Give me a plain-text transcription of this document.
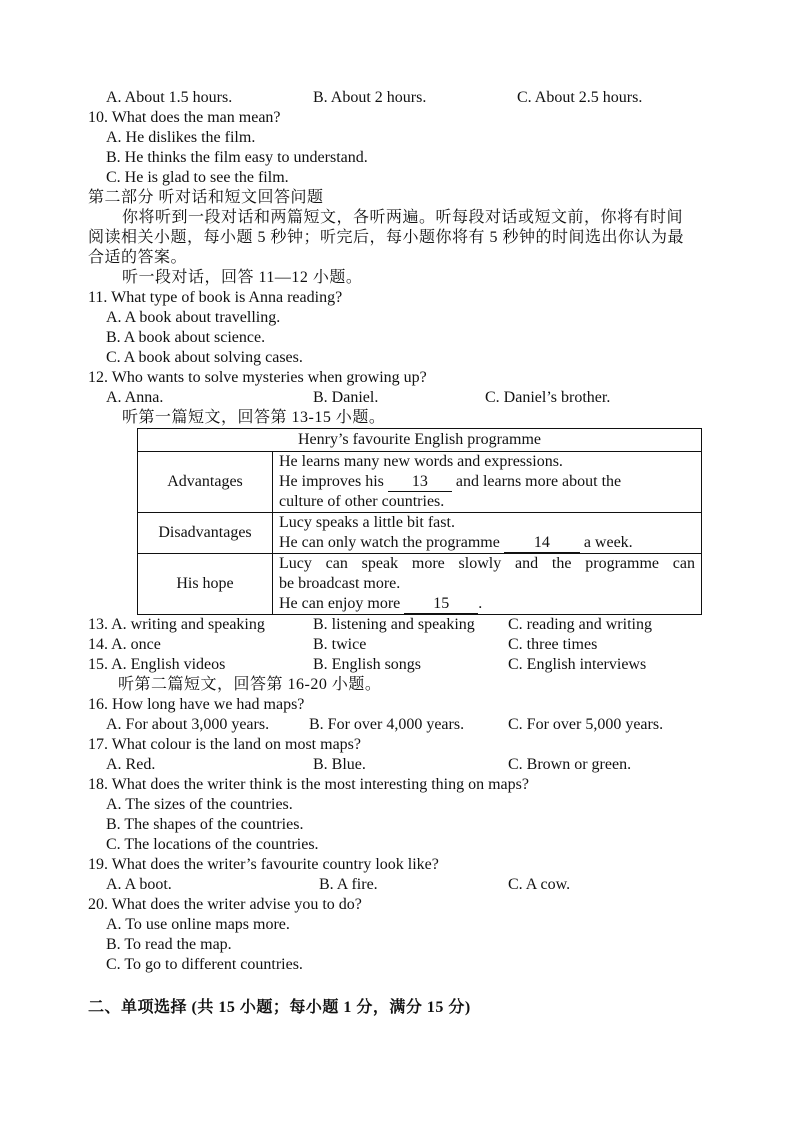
A. About 1.5 hours.	B. About 2 hours.	C. About 2.5 hours.
10. What does the man mean?
A. He dislikes the film.
B. He thinks the film easy to understand.
C. He is glad to see the film.
第二部分 听对话和短文回答问题
你将听到一段对话和两篇短文，各听两遍。听每段对话或短文前，你将有时间
阅读相关小题，每小题 5 秒钟；听完后，每小题你将有 5 秒钟的时间选出你认为最
合适的答案。
听一段对话，回答 11—12 小题。
11. What type of book is Anna reading?
A. A book about travelling.
B. A book about science.
C. A book about solving cases.
12. Who wants to solve mysteries when growing up?
A. Anna.	B. Daniel.	C. Daniel’s brother.
听第一篇短文，回答第 13-15 小题。
Henry’s favourite English programme	
Advantages	He learns many new words and expressions.
He improves his 13 and learns more about the
culture of other countries.

Disadvantages	Lucy speaks a little bit fast.
He can only watch the programme 14 a week.

His hope	Lucy can speak more slowly and the programme can
be broadcast more.
He can enjoy more 15 .
13. A. writing and speaking	B. listening and speaking C. reading and writing
14. A. once	B. twice	C. three times
15. A. English videos	B. English songs	C. English interviews
听第二篇短文，回答第 16-20 小题。
16. How long have we had maps?
A. For about 3,000 years. B. For over 4,000 years.	C. For over 5,000 years.
17. What colour is the land on most maps?
A. Red.	B. Blue.	C. Brown or green.
18. What does the writer think is the most interesting thing on maps?
A. The sizes of the countries.
B. The shapes of the countries.
C. The locations of the countries.
19. What does the writer’s favourite country look like?
A. A boot.	B. A fire.	C. A cow.
20. What does the writer advise you to do?
A. To use online maps more.
B. To read the map.
C. To go to different countries.
二、单项选择 (共 15 小题；每小题 1 分，满分 15 分)
